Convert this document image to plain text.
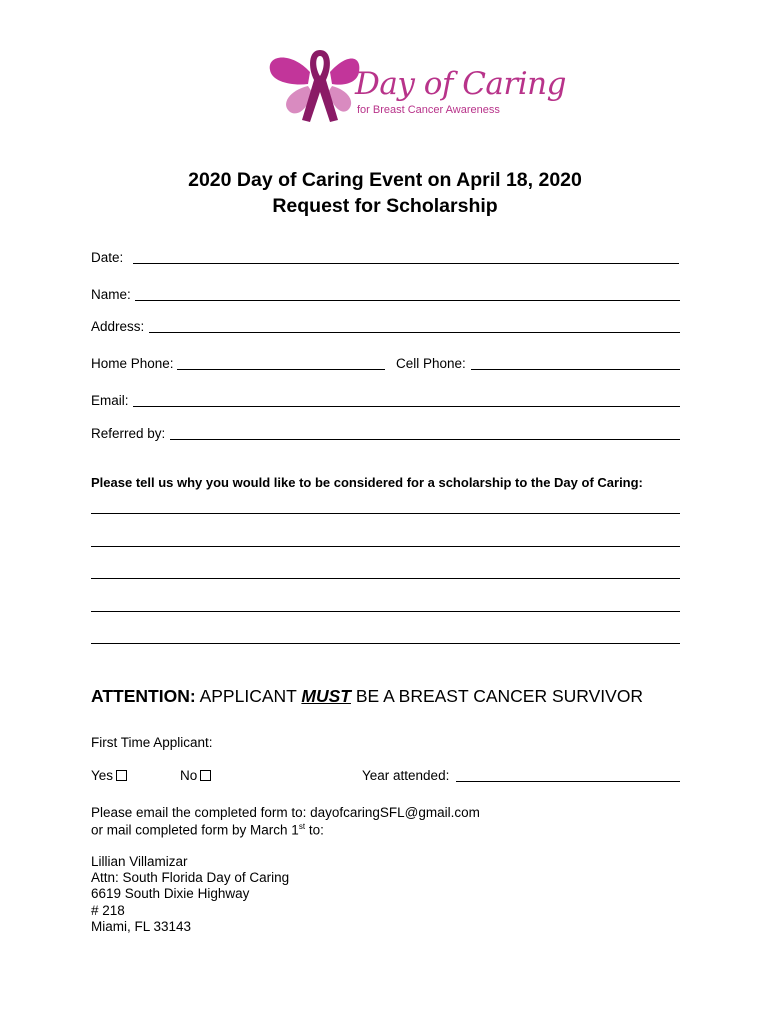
Day of Caring
for Breast Cancer Awareness
2020 Day of Caring Event on April 18, 2020
Request for Scholarship
Date:
Name:
Address:
Home Phone:	Cell Phone:
Email:
Referred by:
Please tell us why you would like to be considered for a scholarship to the Day of Caring:
ATTENTION: APPLICANT MUST BE A BREAST CANCER SURVIVOR
First Time Applicant:
Yes	No	Year attended:
Please email the completed form to: dayofcaringSFL@gmail.com
or mail completed form by March 1st to:
Lillian Villamizar
Attn: South Florida Day of Caring
6619 South Dixie Highway
# 218
Miami, FL 33143
